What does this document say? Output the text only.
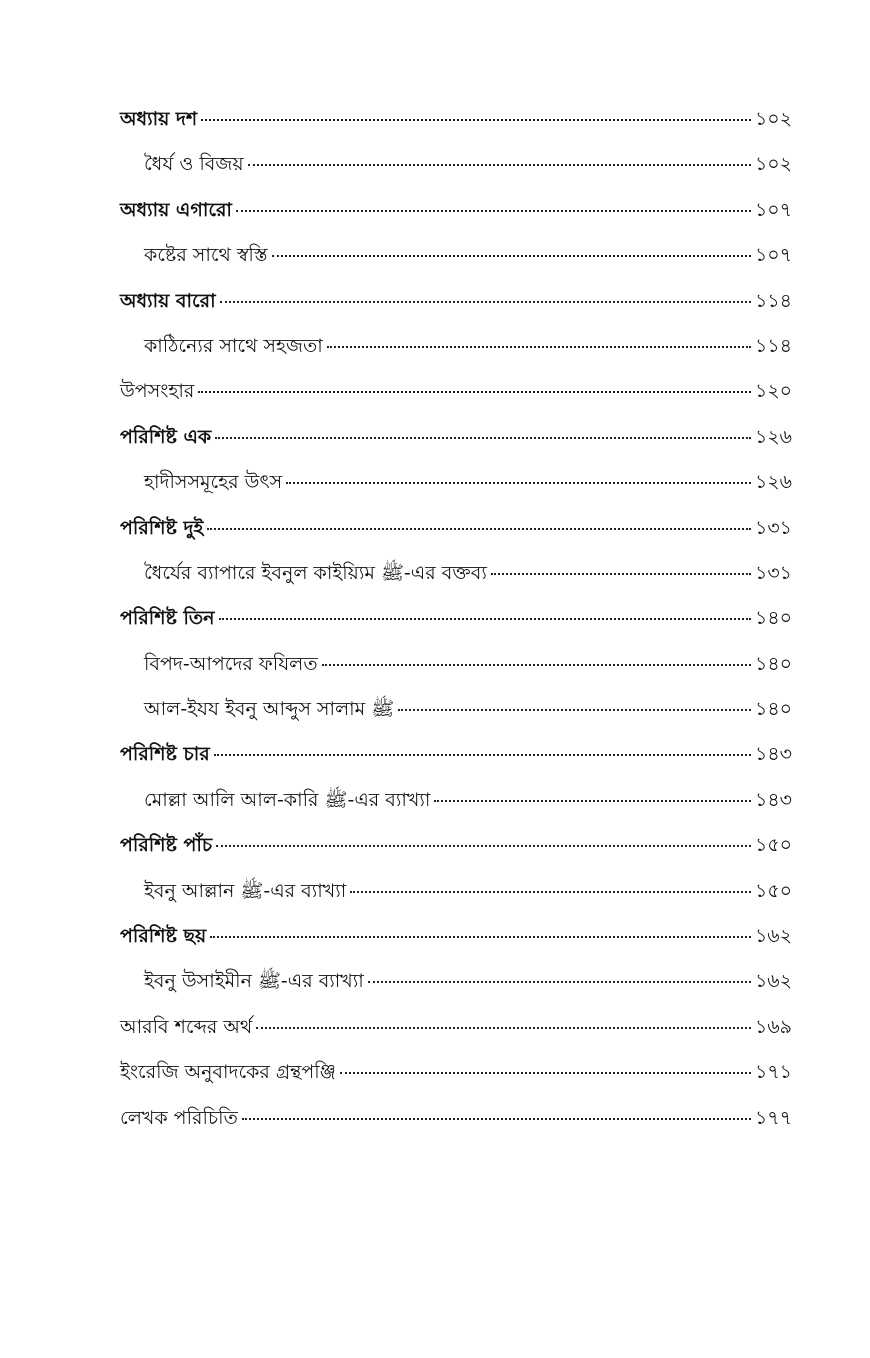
অধ্যায় দশ	১০২
ধৈর্য ও বিজয়	১০২
অধ্যায় এগারো	১০৭
কষ্টের সাথে স্বস্তি	১০৭
অধ্যায় বারো	১১৪
কাঠিন্যের সাথে সহজতা	১১৪
উপসংহার	১২০
পরিশিষ্ট এক	১২৬
হাদীসসমূহের উৎস	১২৬
পরিশিষ্ট দুই	১৩১
ধৈর্যের ব্যাপারে ইবনুল কাইয়্যিম ﷺ-এর বক্তব্য	১৩১
পরিশিষ্ট তিন	১৪০
বিপদ-আপদের ফযিলত	১৪০
আল-ইযয ইবনু আব্দুস সালাম ﷺ	১৪০
পরিশিষ্ট চার	১৪৩
মোল্লা আলি আল-কারি ﷺ-এর ব্যাখ্যা	১৪৩
পরিশিষ্ট পাঁচ	১৫০
ইবনু আল্লান ﷺ-এর ব্যাখ্যা	১৫০
পরিশিষ্ট ছয়	১৬২
ইবনু উসাইমীন ﷺ-এর ব্যাখ্যা	১৬২
আরবি শব্দের অর্থ	১৬৯
ইংরেজি অনুবাদকের গ্রন্থপঞ্জি	১৭১
লেখক পরিচিতি	১৭৭
